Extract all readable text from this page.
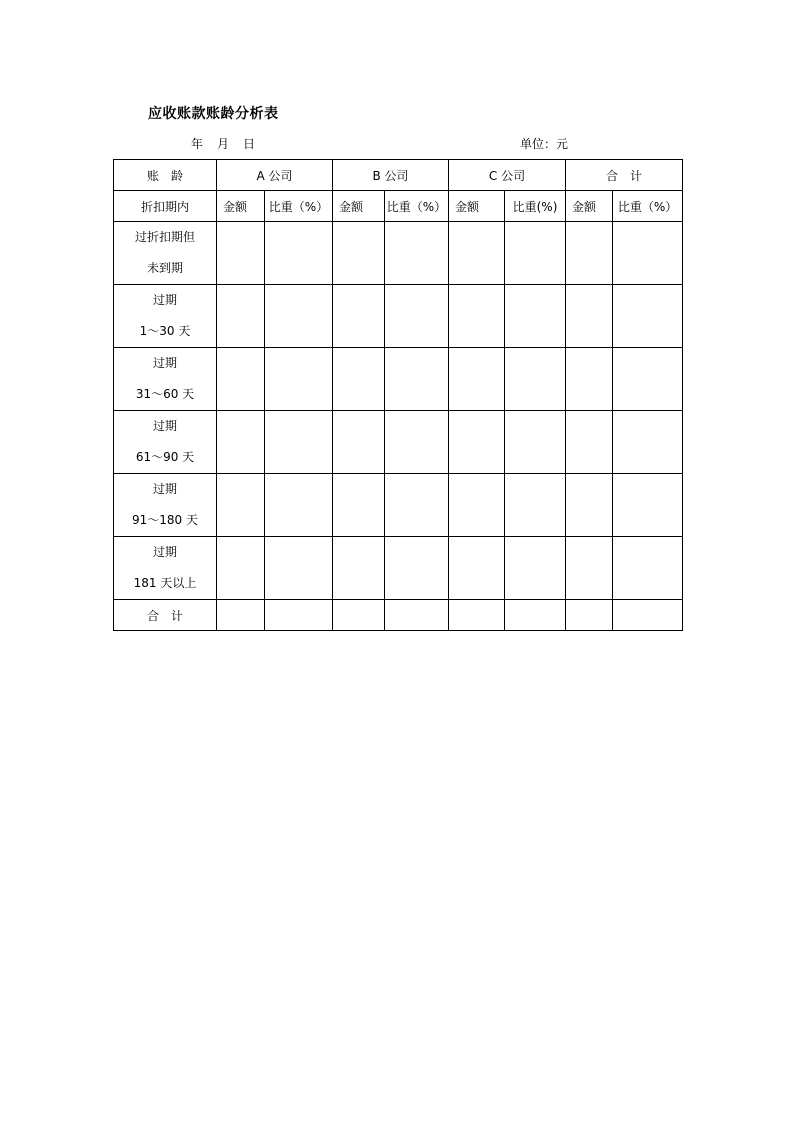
应收账款账龄分析表
年 月 日	单位：元
账　龄	A 公司		B 公司		C 公司		合　计	
折扣期内	金额	比重（%）	金额	比重（%）	金额	比重(%)	金额	比重（%）

过折扣期但
未到期								

过期
1～30 天								

过期
31～60 天								

过期
61～90 天								

过期
91～180 天								

过期
181 天以上								

合　计								
